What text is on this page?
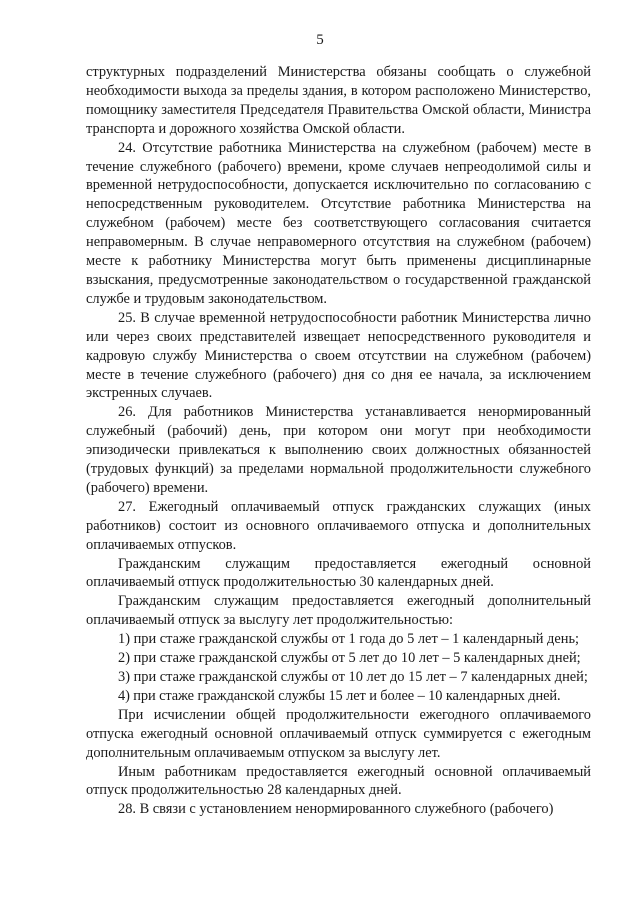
5

структурных подразделений Министерства обязаны сообщать о служебной необходимости выхода за пределы здания, в котором расположено Министерство, помощнику заместителя Председателя Правительства Омской области, Министра транспорта и дорожного хозяйства Омской области.

24. Отсутствие работника Министерства на служебном (рабочем) месте в течение служебного (рабочего) времени, кроме случаев непреодолимой силы и временной нетрудоспособности, допускается исключительно по согласованию с непосредственным руководителем. Отсутствие работника Министерства на служебном (рабочем) месте без соответствующего согласования считается неправомерным. В случае неправомерного отсутствия на служебном (рабочем) месте к работнику Министерства могут быть применены дисциплинарные взыскания, предусмотренные законодательством о государственной гражданской службе и трудовым законодательством.

25. В случае временной нетрудоспособности работник Министерства лично или через своих представителей извещает непосредственного руководителя и кадровую службу Министерства о своем отсутствии на служебном (рабочем) месте в течение служебного (рабочего) дня со дня ее начала, за исключением экстренных случаев.

26. Для работников Министерства устанавливается ненормированный служебный (рабочий) день, при котором они могут при необходимости эпизодически привлекаться к выполнению своих должностных обязанностей (трудовых функций) за пределами нормальной продолжительности служебного (рабочего) времени.

27. Ежегодный оплачиваемый отпуск гражданских служащих (иных работников) состоит из основного оплачиваемого отпуска и дополнительных оплачиваемых отпусков.

Гражданским служащим предоставляется ежегодный основной оплачиваемый отпуск продолжительностью 30 календарных дней.

Гражданским служащим предоставляется ежегодный дополнительный оплачиваемый отпуск за выслугу лет продолжительностью:

1) при стаже гражданской службы от 1 года до 5 лет – 1 календарный день;

2) при стаже гражданской службы от 5 лет до 10 лет – 5 календарных дней;

3) при стаже гражданской службы от 10 лет до 15 лет – 7 календарных дней;

4) при стаже гражданской службы 15 лет и более – 10 календарных дней.

При исчислении общей продолжительности ежегодного оплачиваемого отпуска ежегодный основной оплачиваемый отпуск суммируется с ежегодным дополнительным оплачиваемым отпуском за выслугу лет.

Иным работникам предоставляется ежегодный основной оплачиваемый отпуск продолжительностью 28 календарных дней.

28. В связи с установлением ненормированного служебного (рабочего)
